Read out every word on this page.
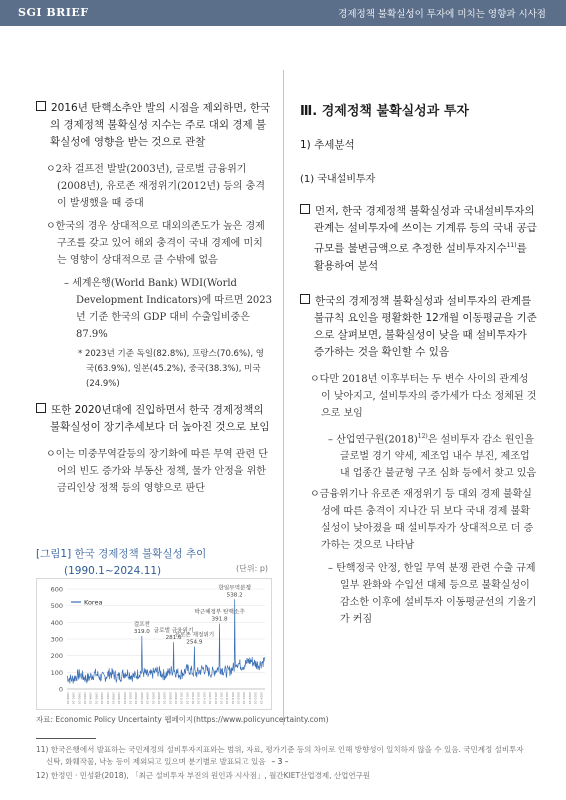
SGI BRIEF	경제정책 불확실성이 투자에 미치는 영향과 시사점
2016년 탄핵소추안 발의 시점을 제외하면, 한국의 경제정책 불확실성 지수는 주로 대외 경제 불확실성에 영향을 받는 것으로 관찰
ㅇ2차 걸프전 발발(2003년), 글로벌 금융위기(2008년), 유로존 재정위기(2012년) 등의 충격이 발생했을 때 증대
ㅇ한국의 경우 상대적으로 대외의존도가 높은 경제구조를 갖고 있어 해외 충격이 국내 경제에 미치는 영향이 상대적으로 클 수밖에 없음
– 세계은행(World Bank) WDI(World Development Indicators)에 따르면 2023년 기준 한국의 GDP 대비 수출입비중은 87.9%
* 2023년 기준 독일(82.8%), 프랑스(70.6%), 영국(63.9%), 일본(45.2%), 중국(38.3%), 미국(24.9%)
또한 2020년대에 진입하면서 한국 경제정책의 불확실성이 장기추세보다 더 높아진 것으로 보임
ㅇ이는 미중무역갈등의 장기화에 따른 무역 관련 단어의 빈도 증가와 부동산 정책, 물가 안정을 위한 금리인상 정책 등의 영향으로 판단
[그림1] 한국 경제정책 불확실성 추이
(1990.1~2024.11)	(단위: p)
0
100
200
300
400
500
600
1990.01 1991.01 1992.01 1993.01 1994.01 1995.01 1996.01 1997.01 1998.01 1999.01 2000.01 2001.01 2002.01 2003.01 2004.01 2005.01 2006.01 2007.01 2008.01 2009.01 2010.01 2011.01 2012.01 2013.01 2014.01 2015.01 2016.01 2017.01 2018.01 2019.01 2020.01 2021.01 2022.01 2023.01 2024.01
Korea
걸프전
319.0 글로벌 금융위기
281.6
유로존 재정위기
254.9
박근혜정부 탄핵소추
391.8
한일무역분쟁
538.2
자료: Economic Policy Uncertainty 웹페이지(https://www.policyuncertainty.com)
Ⅲ. 경제정책 불확실성과 투자
1) 추세분석
(1) 국내설비투자
먼저, 한국 경제정책 불확실성과 국내설비투자의 관계는 설비투자에 쓰이는 기계류 등의 국내 공급규모를 불변금액으로 추정한 설비투자지수$^{11)}$를 활용하여 분석
한국의 경제정책 불확실성과 설비투자의 관계를 불규칙 요인을 평활화한 12개월 이동평균을 기준으로 살펴보면, 불확실성이 낮을 때 설비투자가 증가하는 것을 확인할 수 있음
ㅇ다만 2018년 이후부터는 두 변수 사이의 관계성이 낮아지고, 설비투자의 증가세가 다소 정체된 것으로 보임
– 산업연구원$(2018)^{12)}$은 설비투자 감소 원인을 글로벌 경기 약세, 제조업 내수 부진, 제조업 내 업종간 불균형 구조 심화 등에서 찾고 있음
ㅇ금융위기나 유로존 재정위기 등 대외 경제 불확실성에 따른 충격이 지나간 뒤 보다 국내 경제 불확실성이 낮아졌을 때 설비투자가 상대적으로 더 증가하는 것으로 나타남
– 탄핵정국 안정, 한일 무역 분쟁 관련 수출 규제 일부 완화와 수입선 대체 등으로 불확실성이 감소한 이후에 설비투자 이동평균선의 기울기가 커짐
11) 한국은행에서 발표하는 국민계정의 설비투자지표와는 범위, 자료, 평가기준 등의 차이로 인해 방향성이 일치하지 않을 수 있음. 국민계정 설비투자
신탁, 화훼작물, 낙농 등이 제외되고 있으며 분기별로 발표되고 있음 – 3 –
12) 한정민 · 민성환(2018), 「최근 설비투자 부진의 원인과 시사점」, 월간KIET산업경제, 산업연구원
